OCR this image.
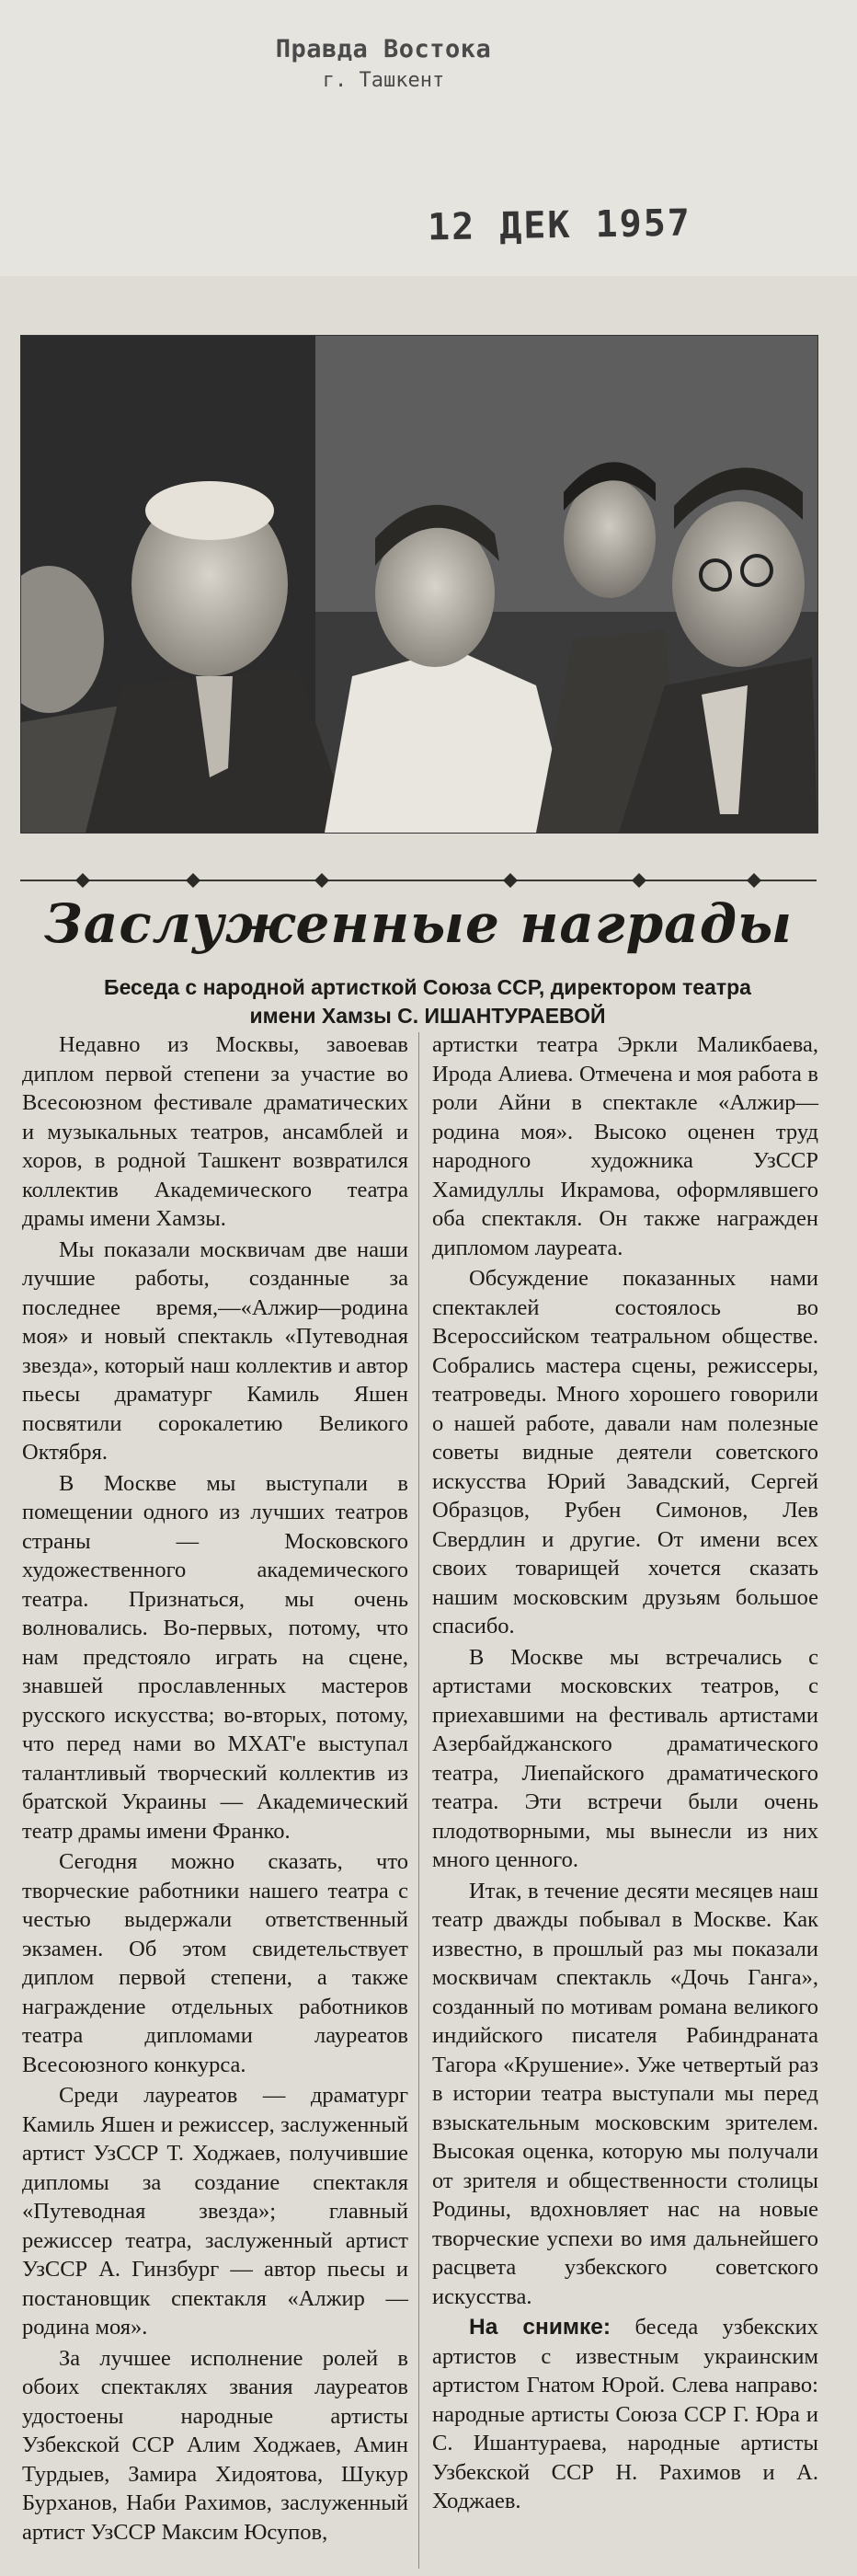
Правда Востока
г. Ташкент
12 ДЕК 1957
Заслуженные награды
Беседа с народной артисткой Союза ССР, директором театра
имени Хамзы С. ИШАНТУРАЕВОЙ

Недавно из Москвы, завоевав диплом первой степени за участие во Всесоюзном фестивале драматических и музыкальных театров, ансамблей и хоров, в родной Ташкент возвратился коллектив Академического театра драмы имени Хамзы.

Мы показали москвичам две наши лучшие работы, созданные за последнее время,—«Алжир—родина моя» и новый спектакль «Путеводная звезда», который наш коллектив и автор пьесы драматург Камиль Яшен посвятили сорокалетию Великого Октября.

В Москве мы выступали в помещении одного из лучших театров страны — Московского художественного академического театра. Признаться, мы очень волновались. Во-первых, потому, что нам предстояло играть на сцене, знавшей прославленных мастеров русского искусства; во-вторых, потому, что перед нами во МХАТ'е выступал талантливый творческий коллектив из братской Украины — Академический театр драмы имени Франко.

Сегодня можно сказать, что творческие работники нашего театра с честью выдержали ответственный экзамен. Об этом свидетельствует диплом первой степени, а также награждение отдельных работников театра дипломами лауреатов Всесоюзного конкурса.

Среди лауреатов — драматург Камиль Яшен и режиссер, заслуженный артист УзССР Т. Ходжаев, получившие дипломы за создание спектакля «Путеводная звезда»; главный режиссер театра, заслуженный артист УзССР А. Гинзбург — автор пьесы и постановщик спектакля «Алжир — родина моя».

За лучшее исполнение ролей в обоих спектаклях звания лауреатов удостоены народные артисты Узбекской ССР Алим Ходжаев, Амин Турдыев, Замира Хидоятова, Шукур Бурханов, Наби Рахимов, заслуженный артист УзССР Максим Юсупов,

артистки театра Эркли Маликбаева, Ирода Алиева. Отмечена и моя работа в роли Айни в спектакле «Алжир—родина моя». Высоко оценен труд народного художника УзССР Хамидуллы Икрамова, оформлявшего оба спектакля. Он также награжден дипломом лауреата.

Обсуждение показанных нами спектаклей состоялось во Всероссийском театральном обществе. Собрались мастера сцены, режиссеры, театроведы. Много хорошего говорили о нашей работе, давали нам полезные советы видные деятели советского искусства Юрий Завадский, Сергей Образцов, Рубен Симонов, Лев Свердлин и другие. От имени всех своих товарищей хочется сказать нашим московским друзьям большое спасибо.

В Москве мы встречались с артистами московских театров, с приехавшими на фестиваль артистами Азербайджанского драматического театра, Лиепайского драматического театра. Эти встречи были очень плодотворными, мы вынесли из них много ценного.

Итак, в течение десяти месяцев наш театр дважды побывал в Москве. Как известно, в прошлый раз мы показали москвичам спектакль «Дочь Ганга», созданный по мотивам романа великого индийского писателя Рабиндраната Тагора «Крушение». Уже четвертый раз в истории театра выступали мы перед взыскательным московским зрителем. Высокая оценка, которую мы получали от зрителя и общественности столицы Родины, вдохновляет нас на новые творческие успехи во имя дальнейшего расцвета узбекского советского искусства.

На снимке: беседа узбекских артистов с известным украинским артистом Гнатом Юрой. Слева направо: народные артисты Союза ССР Г. Юра и С. Ишантураева, народные артисты Узбекской ССР Н. Рахимов и А. Ходжаев.
